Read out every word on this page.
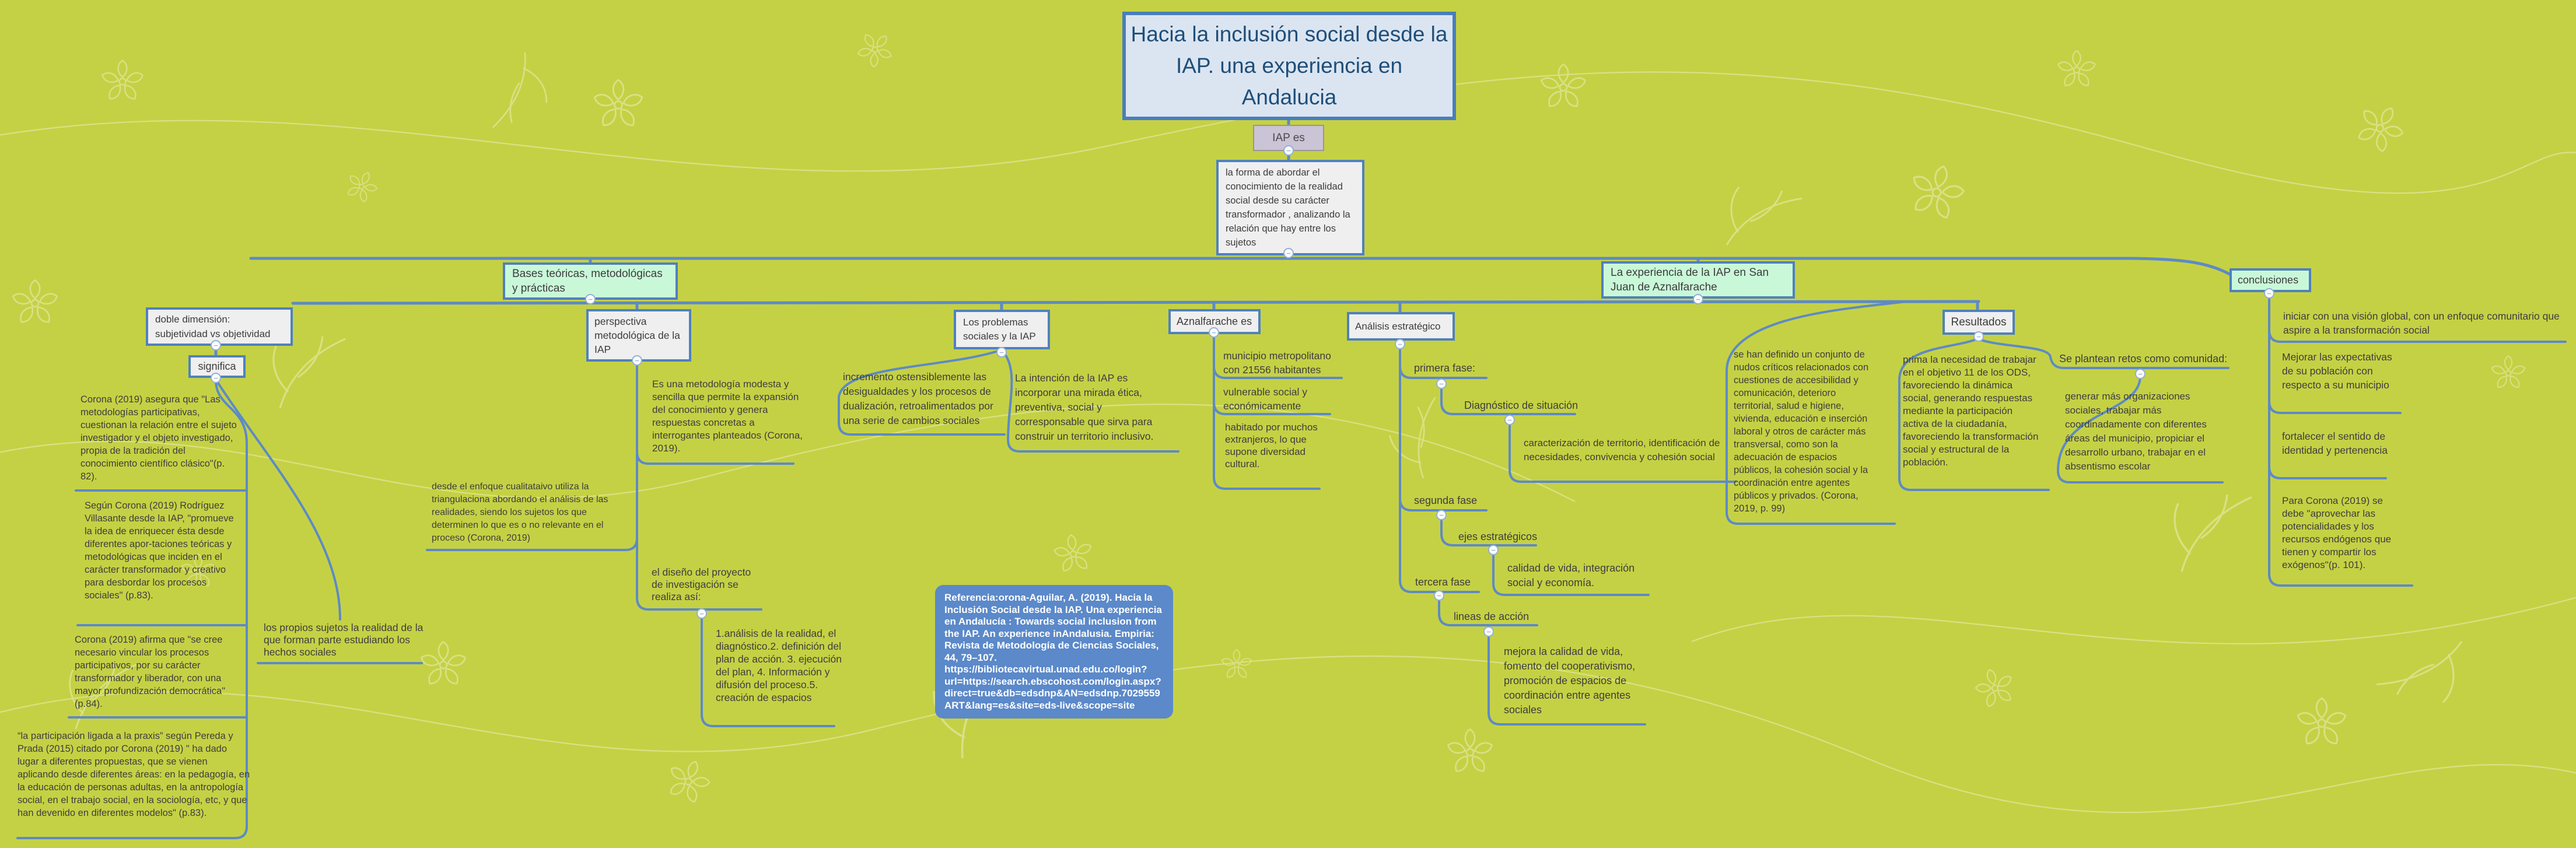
Hacia la inclusión social desde la IAP. una experiencia en Andalucia
IAP es
la forma de abordar el conocimiento de la realidad social desde su carácter transformador , analizando la relación que hay entre los sujetos
Bases teóricas, metodológicas y prácticas
doble dimensión: subjetividad vs objetividad
significa
Corona (2019) asegura que "Las metodologías participativas, cuestionan la relación entre el sujeto investigador y el objeto investigado, propia de la tradición del conocimiento científico clásico"(p. 82).
Según Corona (2019) Rodríguez Villasante desde la IAP, "promueve la idea de enriquecer ésta desde diferentes apor-taciones teóricas y metodológicas que inciden en el carácter transformador y creativo para desbordar los procesos sociales" (p.83).
Corona (2019) afirma que "se cree necesario vincular los procesos participativos, por su carácter transformador y liberador, con una mayor profundización democrática"(p.84).
“la participación ligada a la praxis” según Pereda y Prada (2015) citado por Corona (2019) " ha dado lugar a diferentes propuestas, que se vienen aplicando desde diferentes áreas: en la pedagogía, en la educación de personas adultas, en la antropología social, en el trabajo social, en la sociología, etc, y que han devenido en diferentes modelos" (p.83).
los propios sujetos la realidad de la que forman parte estudiando los hechos sociales
desde el enfoque cualitataivo utiliza la triangulaciona abordando el análisis de las realidades, siendo los sujetos los que determinen lo que es o no relevante en el proceso (Corona, 2019)
perspectiva metodológica de la IAP
Es una metodología modesta y sencilla que permite la expansión del conocimiento y genera respuestas concretas a interrogantes planteados (Corona, 2019).
el diseño del proyecto de investigación se realiza así:
1.análisis de la realidad, el diagnóstico.2. definición del plan de acción. 3. ejecución del plan, 4. Información y difusión del proceso.5. creación de espacios
Los problemas sociales y la IAP
incremento ostensiblemente las desigualdades y los procesos de dualización, retroalimentados por una serie de cambios sociales
La intención de la IAP es incorporar una mirada ética, preventiva, social y corresponsable que sirva para construir un territorio inclusivo.
Referencia:orona-Aguilar, A. (2019). Hacia la Inclusión Social desde la IAP. Una experiencia en Andalucía : Towards social inclusion from the IAP. An experience inAndalusia. Empiria: Revista de Metodología de Ciencias Sociales, 44, 79–107. https://bibliotecavirtual.unad.edu.co/login?url=https://search.ebscohost.com/login.aspx?direct=true&db=edsdnp&AN=edsdnp.7029559ART&lang=es&site=eds-live&scope=site
La experiencia de la IAP en San Juan de Aznalfarache
Aznalfarache es
municipio metropolitano con 21556 habitantes
vulnerable social y económicamente
habitado por muchos extranjeros, lo que supone diversidad cultural.
Análisis estratégico
primera fase:
Diagnóstico de situación
caracterización de territorio, identificación de necesidades, convivencia y cohesión social
segunda fase
ejes estratégicos
calidad de vida, integración social y economía.
tercera fase
lineas de acción
mejora la calidad de vida, fomento del cooperativismo, promoción de espacios de coordinación entre agentes sociales
se han definido un conjunto de nudos críticos relacionados con cuestiones de accesibilidad y comunicación, deterioro territorial, salud e higiene, vivienda, educación e inserción laboral y otros de carácter más transversal, como son la adecuación de espacios públicos, la cohesión social y la coordinación entre agentes públicos y privados. (Corona, 2019, p. 99)
Resultados
prima la necesidad de trabajar en el objetivo 11 de los ODS, favoreciendo la dinámica social, generando respuestas mediante la participación activa de la ciudadanía, favoreciendo la transformación social y estructural de la población.
Se plantean retos como comunidad:
generar más organizaciones sociales, trabajar más coordinadamente con diferentes áreas del municipio, propiciar el desarrollo urbano, trabajar en el absentismo escolar
conclusiones
iniciar con una visión global, con un enfoque comunitario que aspire a la transformación social
Mejorar las expectativas de su población con respecto a su municipio
fortalecer el sentido de identidad y pertenencia
Para Corona (2019) se debe "aprovechar las potencialidades y los recursos endógenos que tienen y compartir los exógenos"(p. 101).
−
−
−
−
−
−
−
−
−
−
−
−
−
−
−
−
−
−
−
−
